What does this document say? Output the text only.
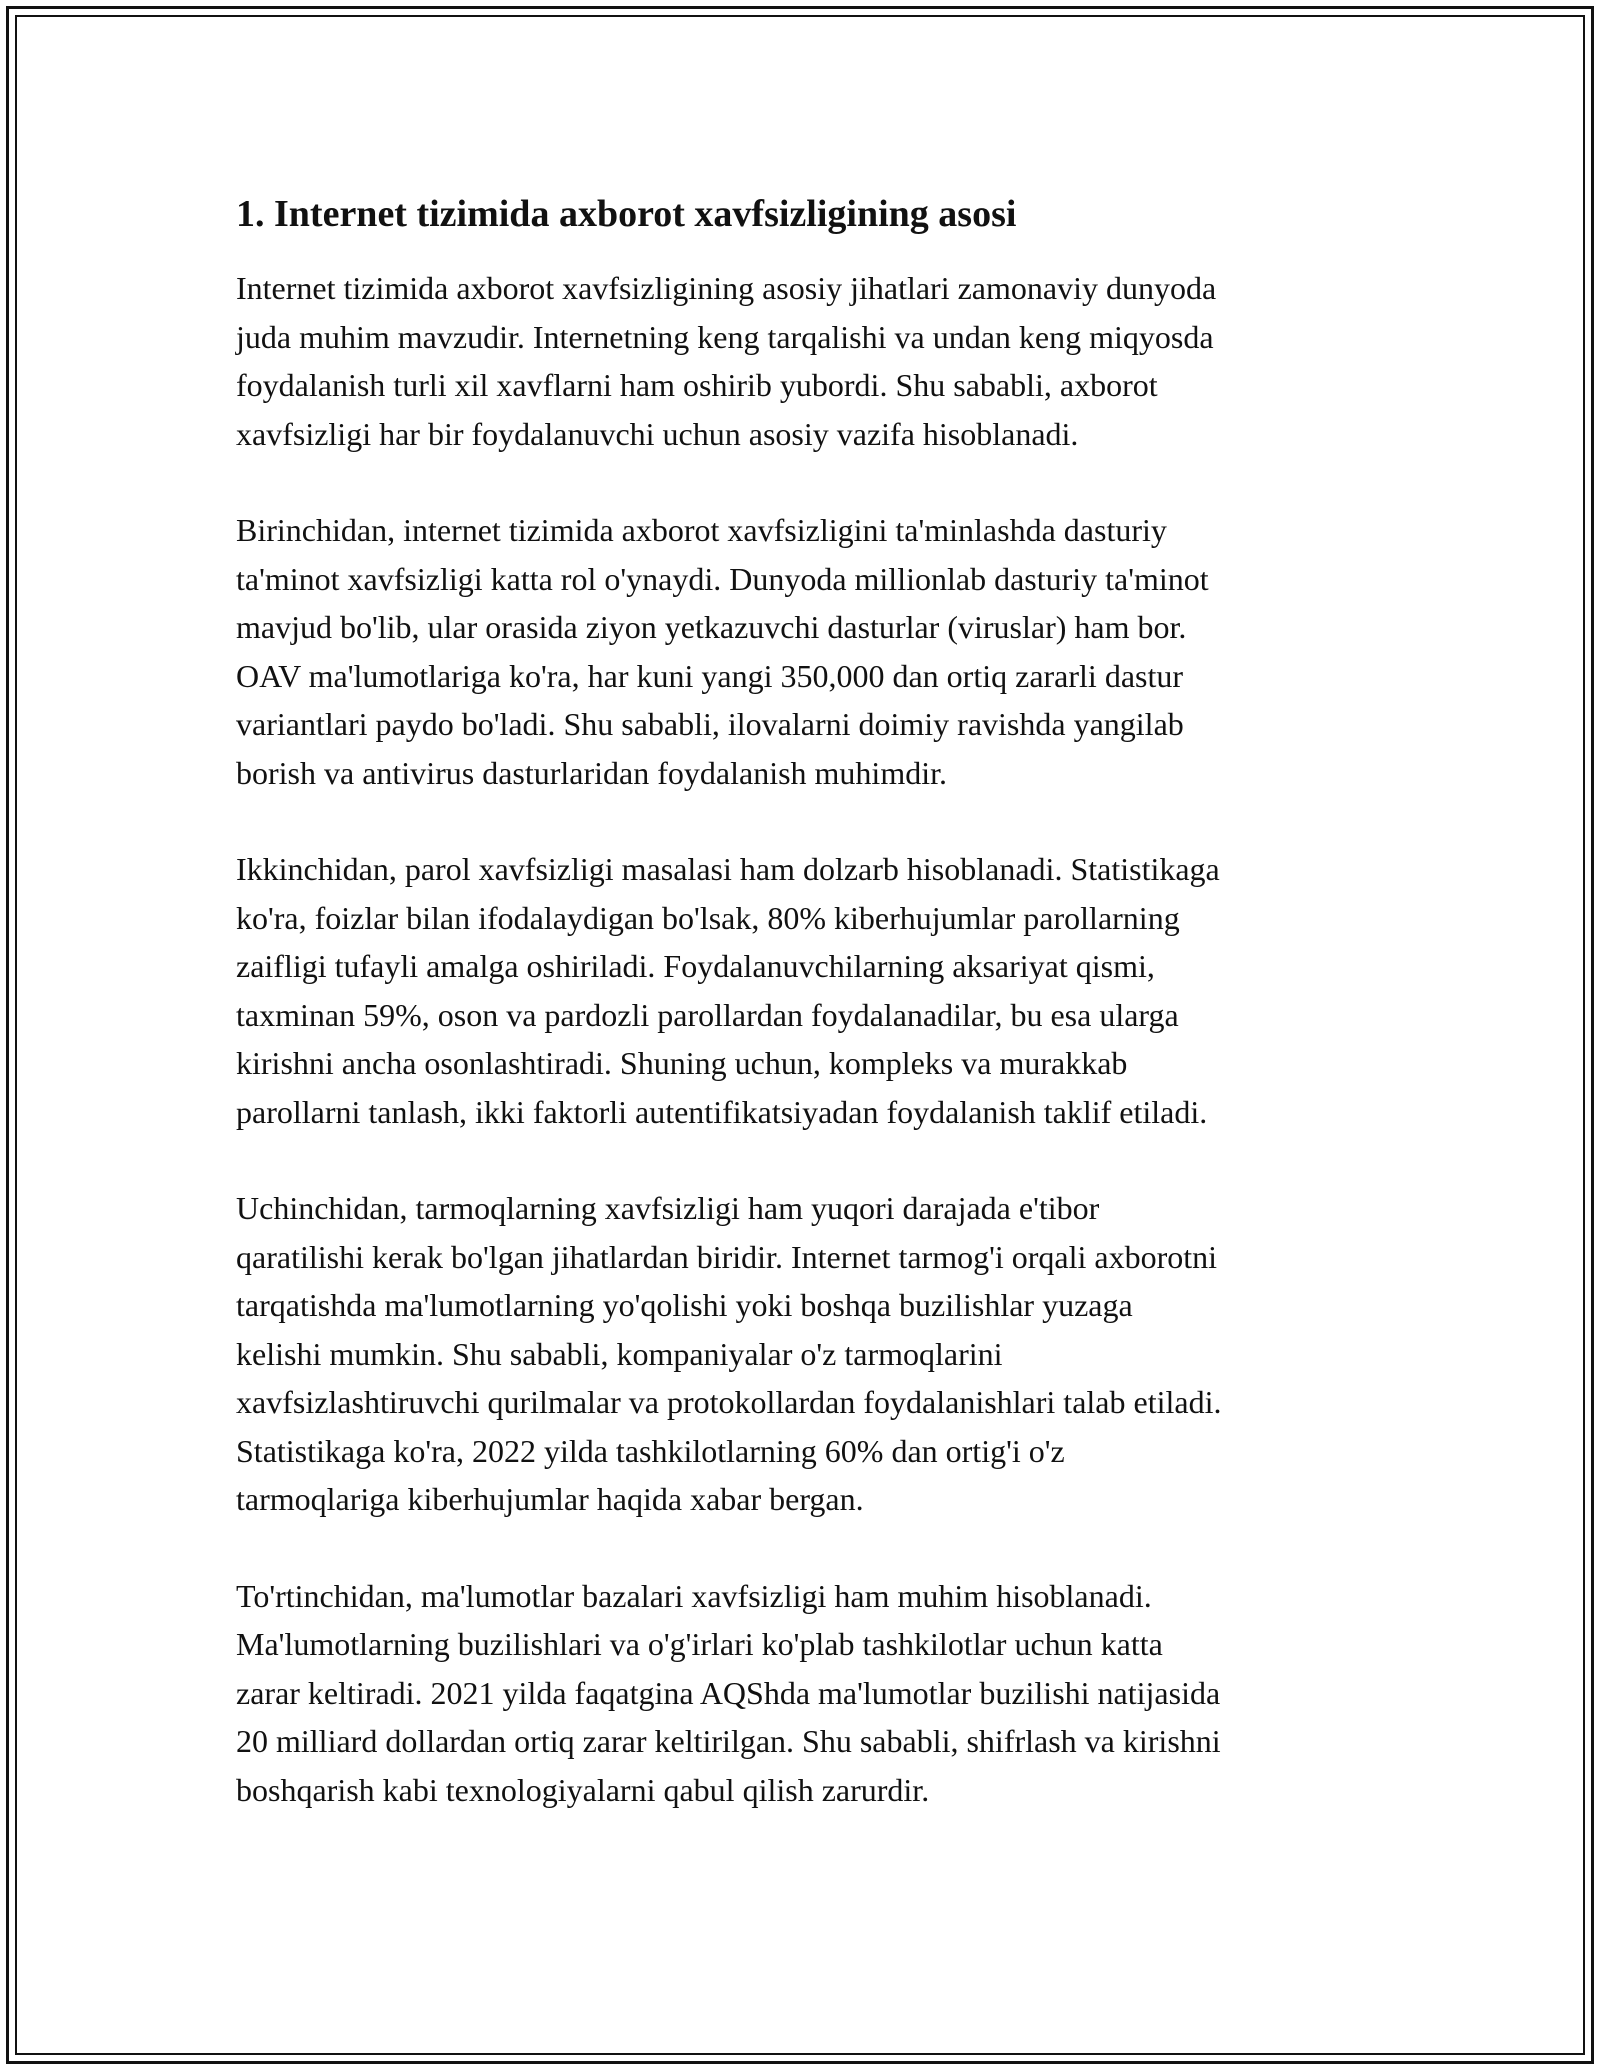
1. Internet tizimida axborot xavfsizligining asosi

Internet tizimida axborot xavfsizligining asosiy jihatlari zamonaviy dunyoda
juda muhim mavzudir. Internetning keng tarqalishi va undan keng miqyosda
foydalanish turli xil xavflarni ham oshirib yubordi. Shu sababli, axborot
xavfsizligi har bir foydalanuvchi uchun asosiy vazifa hisoblanadi.

Birinchidan, internet tizimida axborot xavfsizligini ta'minlashda dasturiy
ta'minot xavfsizligi katta rol o'ynaydi. Dunyoda millionlab dasturiy ta'minot
mavjud bo'lib, ular orasida ziyon yetkazuvchi dasturlar (viruslar) ham bor.
OAV ma'lumotlariga ko'ra, har kuni yangi 350,000 dan ortiq zararli dastur
variantlari paydo bo'ladi. Shu sababli, ilovalarni doimiy ravishda yangilab
borish va antivirus dasturlaridan foydalanish muhimdir.

Ikkinchidan, parol xavfsizligi masalasi ham dolzarb hisoblanadi. Statistikaga
ko'ra, foizlar bilan ifodalaydigan bo'lsak, 80% kiberhujumlar parollarning
zaifligi tufayli amalga oshiriladi. Foydalanuvchilarning aksariyat qismi,
taxminan 59%, oson va pardozli parollardan foydalanadilar, bu esa ularga
kirishni ancha osonlashtiradi. Shuning uchun, kompleks va murakkab
parollarni tanlash, ikki faktorli autentifikatsiyadan foydalanish taklif etiladi.

Uchinchidan, tarmoqlarning xavfsizligi ham yuqori darajada e'tibor
qaratilishi kerak bo'lgan jihatlardan biridir. Internet tarmog'i orqali axborotni
tarqatishda ma'lumotlarning yo'qolishi yoki boshqa buzilishlar yuzaga
kelishi mumkin. Shu sababli, kompaniyalar o'z tarmoqlarini
xavfsizlashtiruvchi qurilmalar va protokollardan foydalanishlari talab etiladi.
Statistikaga ko'ra, 2022 yilda tashkilotlarning 60% dan ortig'i o'z
tarmoqlariga kiberhujumlar haqida xabar bergan.

To'rtinchidan, ma'lumotlar bazalari xavfsizligi ham muhim hisoblanadi.
Ma'lumotlarning buzilishlari va o'g'irlari ko'plab tashkilotlar uchun katta
zarar keltiradi. 2021 yilda faqatgina AQShda ma'lumotlar buzilishi natijasida
20 milliard dollardan ortiq zarar keltirilgan. Shu sababli, shifrlash va kirishni
boshqarish kabi texnologiyalarni qabul qilish zarurdir.
